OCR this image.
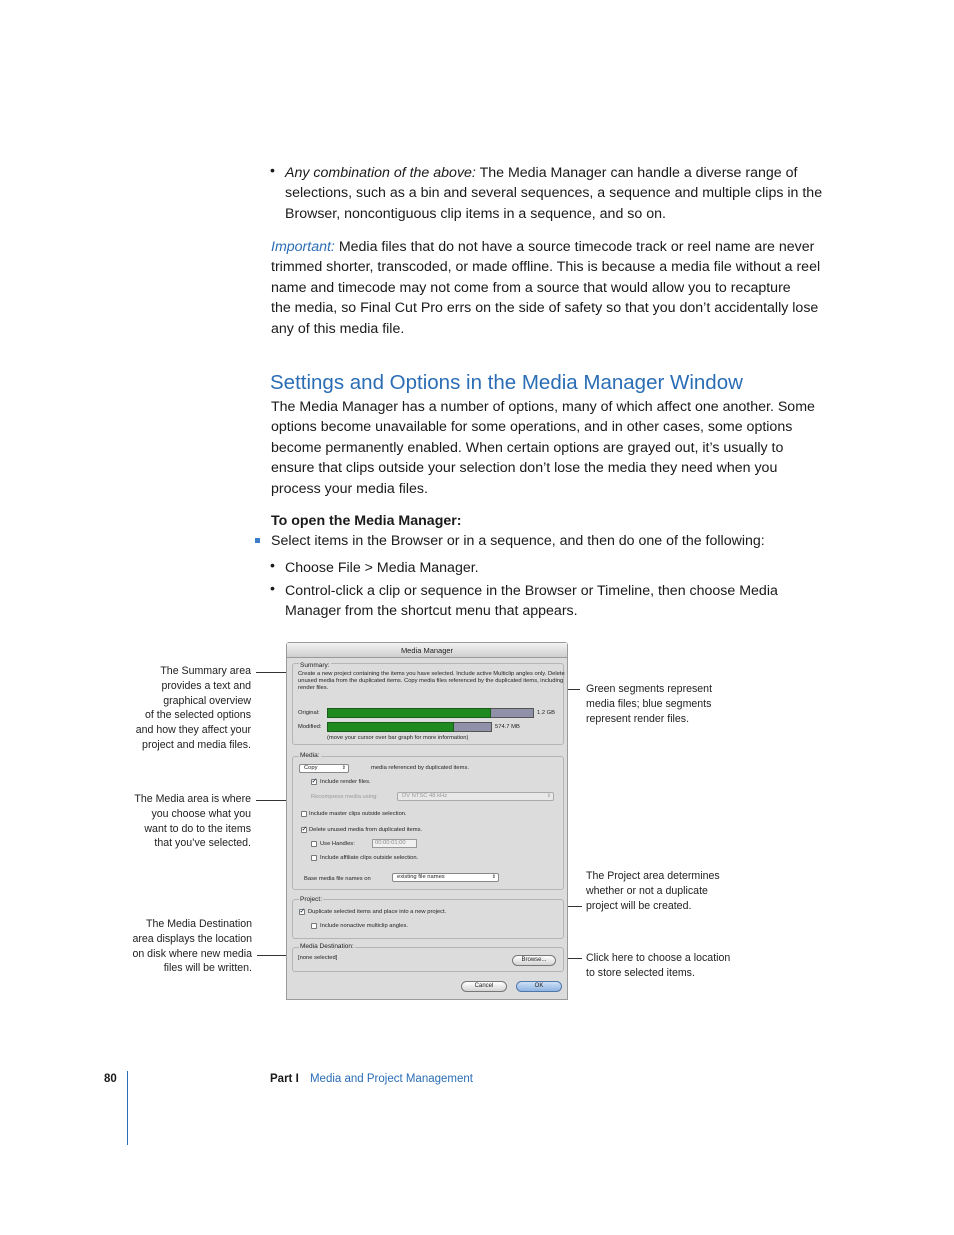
• Any combination of the above: The Media Manager can handle a diverse range of
selections, such as a bin and several sequences, a sequence and multiple clips in the
Browser, noncontiguous clip items in a sequence, and so on.
Important: Media files that do not have a source timecode track or reel name are never
trimmed shorter, transcoded, or made offline. This is because a media file without a reel
name and timecode may not come from a source that would allow you to recapture
the media, so Final Cut Pro errs on the side of safety so that you don’t accidentally lose
any of this media file.
Settings and Options in the Media Manager Window
The Media Manager has a number of options, many of which affect one another. Some
options become unavailable for some operations, and in other cases, some options
become permanently enabled. When certain options are grayed out, it’s usually to
ensure that clips outside your selection don’t lose the media they need when you
process your media files.
To open the Media Manager:
Select items in the Browser or in a sequence, and then do one of the following:
• Choose File > Media Manager.
• Control-click a clip or sequence in the Browser or Timeline, then choose Media
Manager from the shortcut menu that appears.
The Summary area
provides a text and
graphical overview
of the selected options
and how they affect your
project and media files.
The Media area is where
you choose what you
want to do to the items
that you’ve selected.
The Media Destination
area displays the location
on disk where new media
files will be written.
Green segments represent
media files; blue segments
represent render files.
The Project area determines
whether or not a duplicate
project will be created.
Click here to choose a location
to store selected items.
Media Manager
Summary:
Create a new project containing the items you have selected. Include active Multiclip angles only. Delete
unused media from the duplicated items. Copy media files referenced by the duplicated items, including
render files.
Original:	1.2 GB
Modified:	574.7 MB
(move your cursor over bar graph for more information)
Media:
Copy	⇕	media referenced by duplicated items.
✓
Include render files.
Recompress media using:	DV NTSC 48 kHz	⇕
Include master clips outside selection.
✓
Delete unused media from duplicated items.
Use Handles:	00:00:01;00
Include affiliate clips outside selection.
Base media file names on	existing file names	⇕
Project:
✓
Duplicate selected items and place into a new project.
Include nonactive multiclip angles.
Media Destination:
[none selected]	Browse...
Cancel	OK
80	Part I Media and Project Management
